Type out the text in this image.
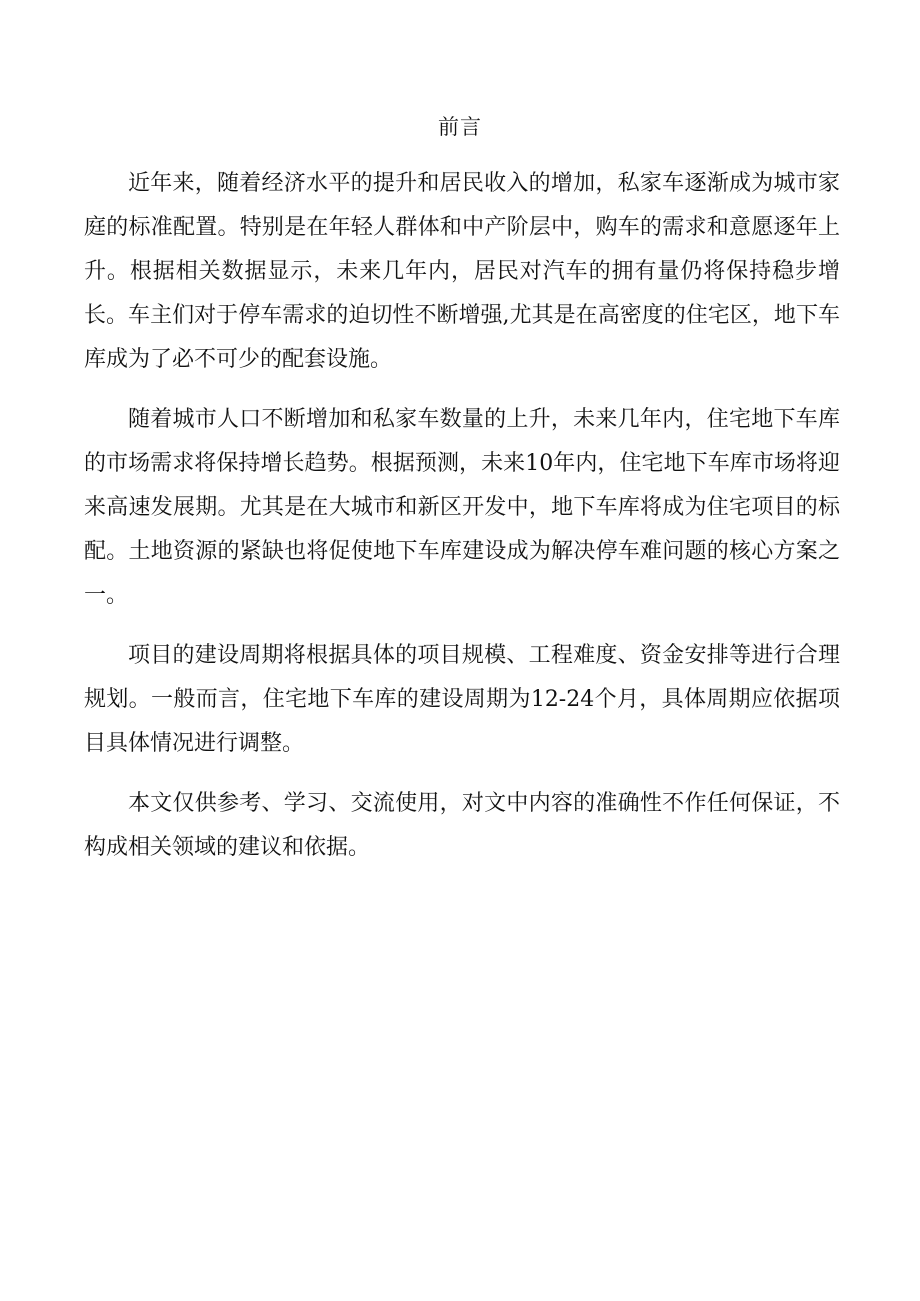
前言

近年来，随着经济水平的提升和居民收入的增加，私家车逐渐成为城市家庭的标准配置。特别是在年轻人群体和中产阶层中，购车的需求和意愿逐年上升。根据相关数据显示，未来几年内，居民对汽车的拥有量仍将保持稳步增长。车主们对于停车需求的迫切性不断增强,尤其是在高密度的住宅区，地下车库成为了必不可少的配套设施。

随着城市人口不断增加和私家车数量的上升，未来几年内，住宅地下车库的市场需求将保持增长趋势。根据预测，未来10年内，住宅地下车库市场将迎来高速发展期。尤其是在大城市和新区开发中，地下车库将成为住宅项目的标配。土地资源的紧缺也将促使地下车库建设成为解决停车难问题的核心方案之一。

项目的建设周期将根据具体的项目规模、工程难度、资金安排等进行合理规划。一般而言，住宅地下车库的建设周期为12-24个月，具体周期应依据项目具体情况进行调整。

本文仅供参考、学习、交流使用，对文中内容的准确性不作任何保证，不构成相关领域的建议和依据。
